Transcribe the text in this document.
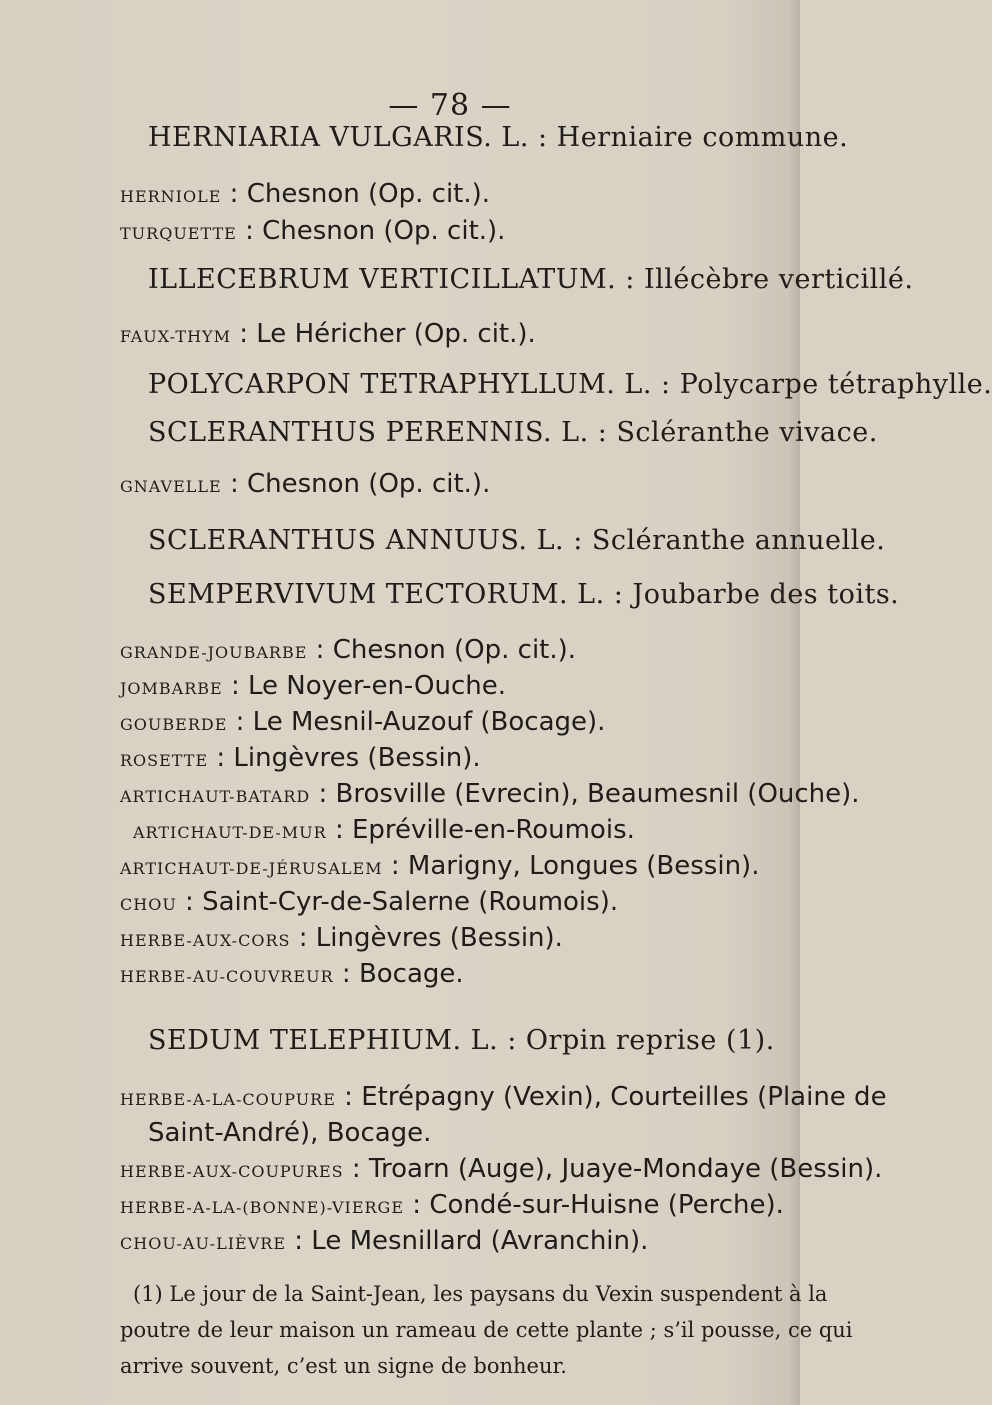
— 78 —
HERNIARIA VULGARIS. L. : Herniaire commune.
HERNIOLE : Chesnon (Op. cit.).
TURQUETTE : Chesnon (Op. cit.).
ILLECEBRUM VERTICILLATUM. : Illécèbre verticillé.
FAUX-THYM : Le Héricher (Op. cit.).
POLYCARPON TETRAPHYLLUM. L. : Polycarpe tétraphylle.
SCLERANTHUS PERENNIS. L. : Scléranthe vivace.
GNAVELLE : Chesnon (Op. cit.).
SCLERANTHUS ANNUUS. L. : Scléranthe annuelle.
SEMPERVIVUM TECTORUM. L. : Joubarbe des toits.
GRANDE-JOUBARBE : Chesnon (Op. cit.).
JOMBARBE : Le Noyer-en-Ouche.
GOUBERDE : Le Mesnil-Auzouf (Bocage).
ROSETTE : Lingèvres (Bessin).
ARTICHAUT-BATARD : Brosville (Evrecin), Beaumesnil (Ouche).
ARTICHAUT-DE-MUR : Epréville-en-Roumois.
ARTICHAUT-DE-JÉRUSALEM : Marigny, Longues (Bessin).
CHOU : Saint-Cyr-de-Salerne (Roumois).
HERBE-AUX-CORS : Lingèvres (Bessin).
HERBE-AU-COUVREUR : Bocage.
SEDUM TELEPHIUM. L. : Orpin reprise (1).
HERBE-A-LA-COUPURE : Etrépagny (Vexin), Courteilles (Plaine de
Saint-André), Bocage.
HERBE-AUX-COUPURES : Troarn (Auge), Juaye-Mondaye (Bessin).
HERBE-A-LA-(BONNE)-VIERGE : Condé-sur-Huisne (Perche).
CHOU-AU-LIÈVRE : Le Mesnillard (Avranchin).
(1) Le jour de la Saint-Jean, les paysans du Vexin suspendent à la
poutre de leur maison un rameau de cette plante ; s’il pousse, ce qui
arrive souvent, c’est un signe de bonheur.
